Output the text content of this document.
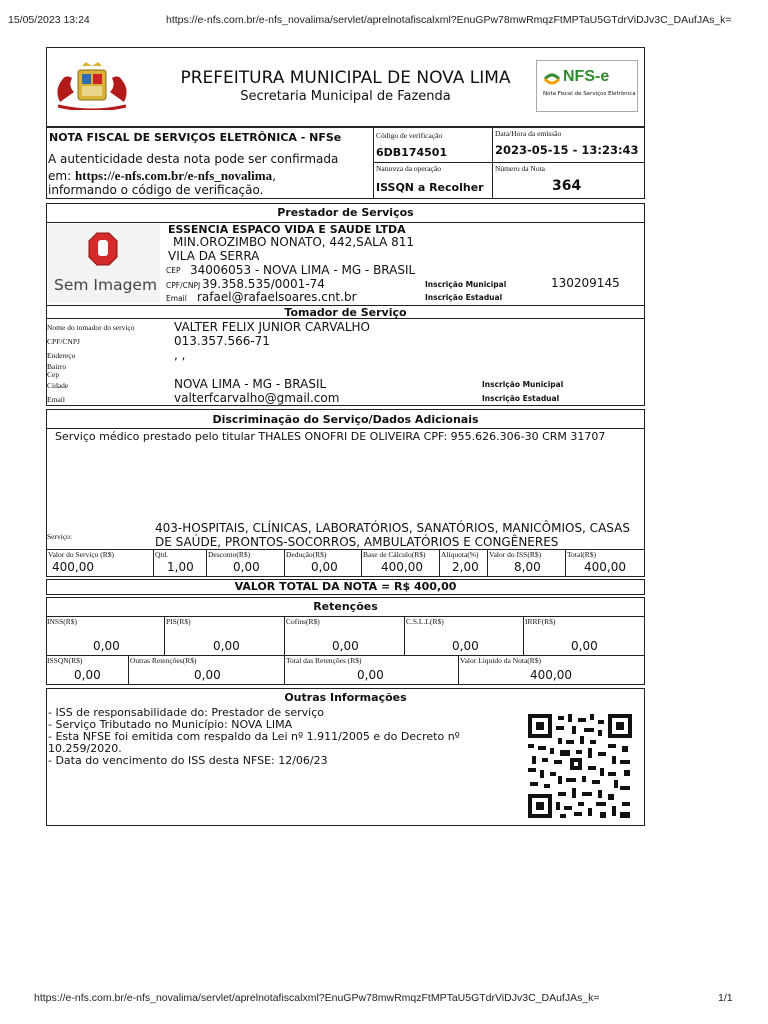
15/05/2023 13:24	https://e-nfs.com.br/e-nfs_novalima/servlet/aprelnotafiscalxml?EnuGPw78mwRmqzFtMPTaU5GTdrViDJv3C_DAufJAs_k=
PREFEITURA MUNICIPAL DE NOVA LIMA
Secretaria Municipal de Fazenda
NFS-e
Nota Fiscal de Serviços Eletrônica
NOTA FISCAL DE SERVIÇOS ELETRÔNICA - NFSe
A autenticidade desta nota pode ser confirmada
em: https://e-nfs.com.br/e-nfs_novalima,
informando o código de verificação.
Código de verificação
6DB174501
Data/Hora da emissão
2023-05-15 - 13:23:43
Natureza da operação
ISSQN a Recolher
Número da Nota
364
Prestador de Serviços
Sem Imagem
ESSENCIA ESPACO VIDA E SAUDE LTDA
MIN.OROZIMBO NONATO, 442,SALA 811
VILA DA SERRA
CEP 34006053 - NOVA LIMA - MG - BRASIL
CPF/CNPJ 39.358.535/0001-74
Email rafael@rafaelsoares.cnt.br
Inscrição Municipal	130209145
Inscrição Estadual
Tomador de Serviço
Nome do tomador do serviço	VALTER FELIX JUNIOR CARVALHO
CPF/CNPJ	013.357.566-71
Endereço	, ,
Bairro
Cep
Cidade	NOVA LIMA - MG - BRASIL
Email	valterfcarvalho@gmail.com
Inscrição Municipal
Inscrição Estadual
Discriminação do Serviço/Dados Adicionais
Serviço médico prestado pelo titular THALES ONOFRI DE OLIVEIRA CPF: 955.626.306-30 CRM 31707
Serviço:
403-HOSPITAIS, CLÍNICAS, LABORATÓRIOS, SANATÓRIOS, MANICÔMIOS, CASAS
DE SAÚDE, PRONTOS-SOCORROS, AMBULATÓRIOS E CONGÊNERES
Valor do Serviço (R$)	Qtd.	Desconto(R$)	Dedução(R$)	Base de Cálculo(R$) Alíquota(%) Valor do ISS(R$)	Total(R$)
400,00	1,00	0,00	0,00	400,00 2,00	8,00	400,00
VALOR TOTAL DA NOTA = R$ 400,00
Retenções
INSS(R$)	PIS(R$)	Cofins(R$)	C.S.L.L(R$)	IRRF(R$)
0,00	0,00	0,00	0,00	0,00
ISSQN(R$)	Outras Retenções(R$)	Total das Retenções (R$)	Valor Liquido da Nota(R$)
0,00	0,00	0,00	400,00
Outras Informações
- ISS de responsabilidade do: Prestador de serviço
- Serviço Tributado no Município: NOVA LIMA
- Esta NFSE foi emitida com respaldo da Lei nº 1.911/2005 e do Decreto nº
10.259/2020.
- Data do vencimento do ISS desta NFSE: 12/06/23
https://e-nfs.com.br/e-nfs_novalima/servlet/aprelnotafiscalxml?EnuGPw78mwRmqzFtMPTaU5GTdrViDJv3C_DAufJAs_k=	1/1
